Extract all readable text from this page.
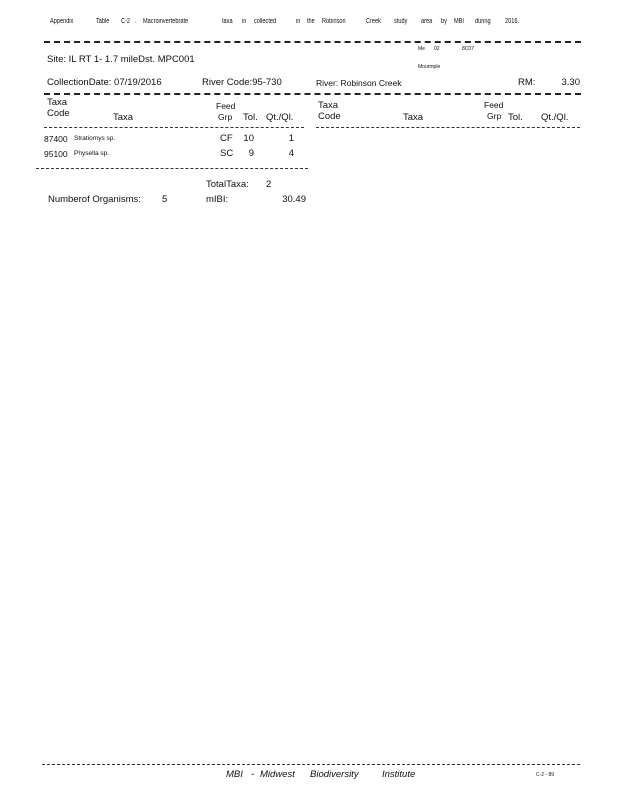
Appendix	Table C-2 . Macroinvertebrate	taxa in collected	in the Robinson	Creek study area by MBI during 2016.
Site: IL RT 1- 1.7 mileDst. MPC001
Me 02	8C07
Mourmple
CollectionDate: 07/19/2016	River Code:95-730	River: Robinson Creek	RM:	3.30
Taxa
Code	Taxa
Feed
Grp Tol. Qt./Ql.
Taxa
Code	Taxa
Feed
Grp Tol. Qt./Ql.
87400 Stratiomys sp.	CF	10	1
95100 Physella sp.	SC	9	4
TotalTaxa: 2
Numberof Organisms: 5	mIBI:	30.49
MBI - Midwest Biodiversity Institute	C-2 - 89
